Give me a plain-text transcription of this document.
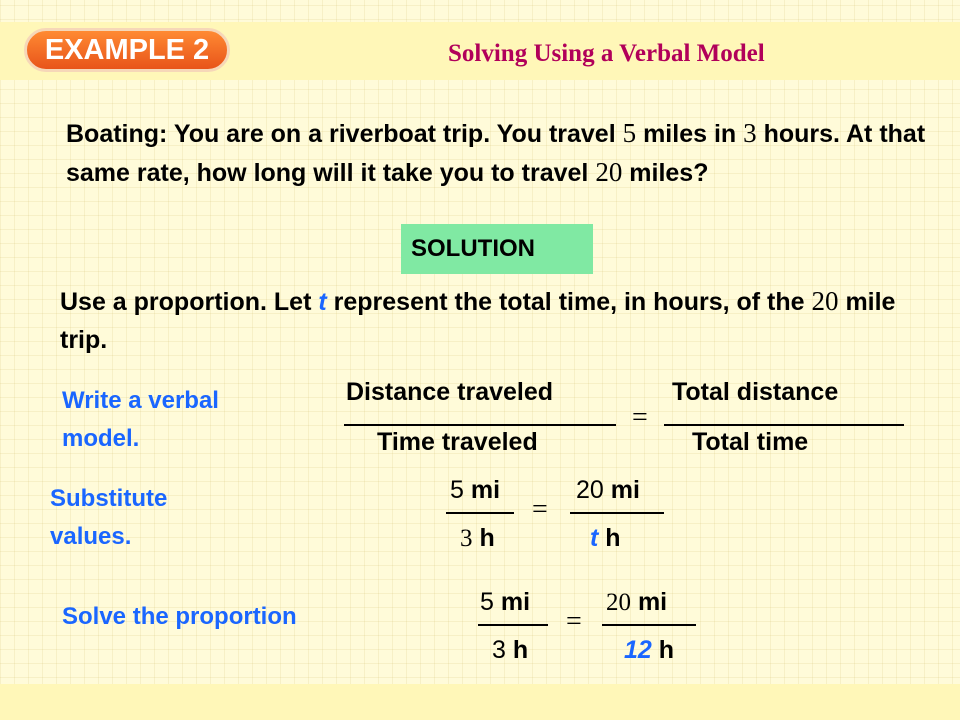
EXAMPLE 2	Solving Using a Verbal Model
Boating: You are on a riverboat trip. You travel 5 miles in 3 hours. At that same rate, how long will it take you to travel 20 miles?
SOLUTION
Use a proportion. Let t represent the total time, in hours, of the 20 mile trip.
Write a verbal
model.
Substitute
values.
Solve the proportion
Distance traveled
Time traveled
=
Total distance
Total time
5 mi
3 h
=
20 mi
t h
5 mi
3 h
=
20 mi
12 h
